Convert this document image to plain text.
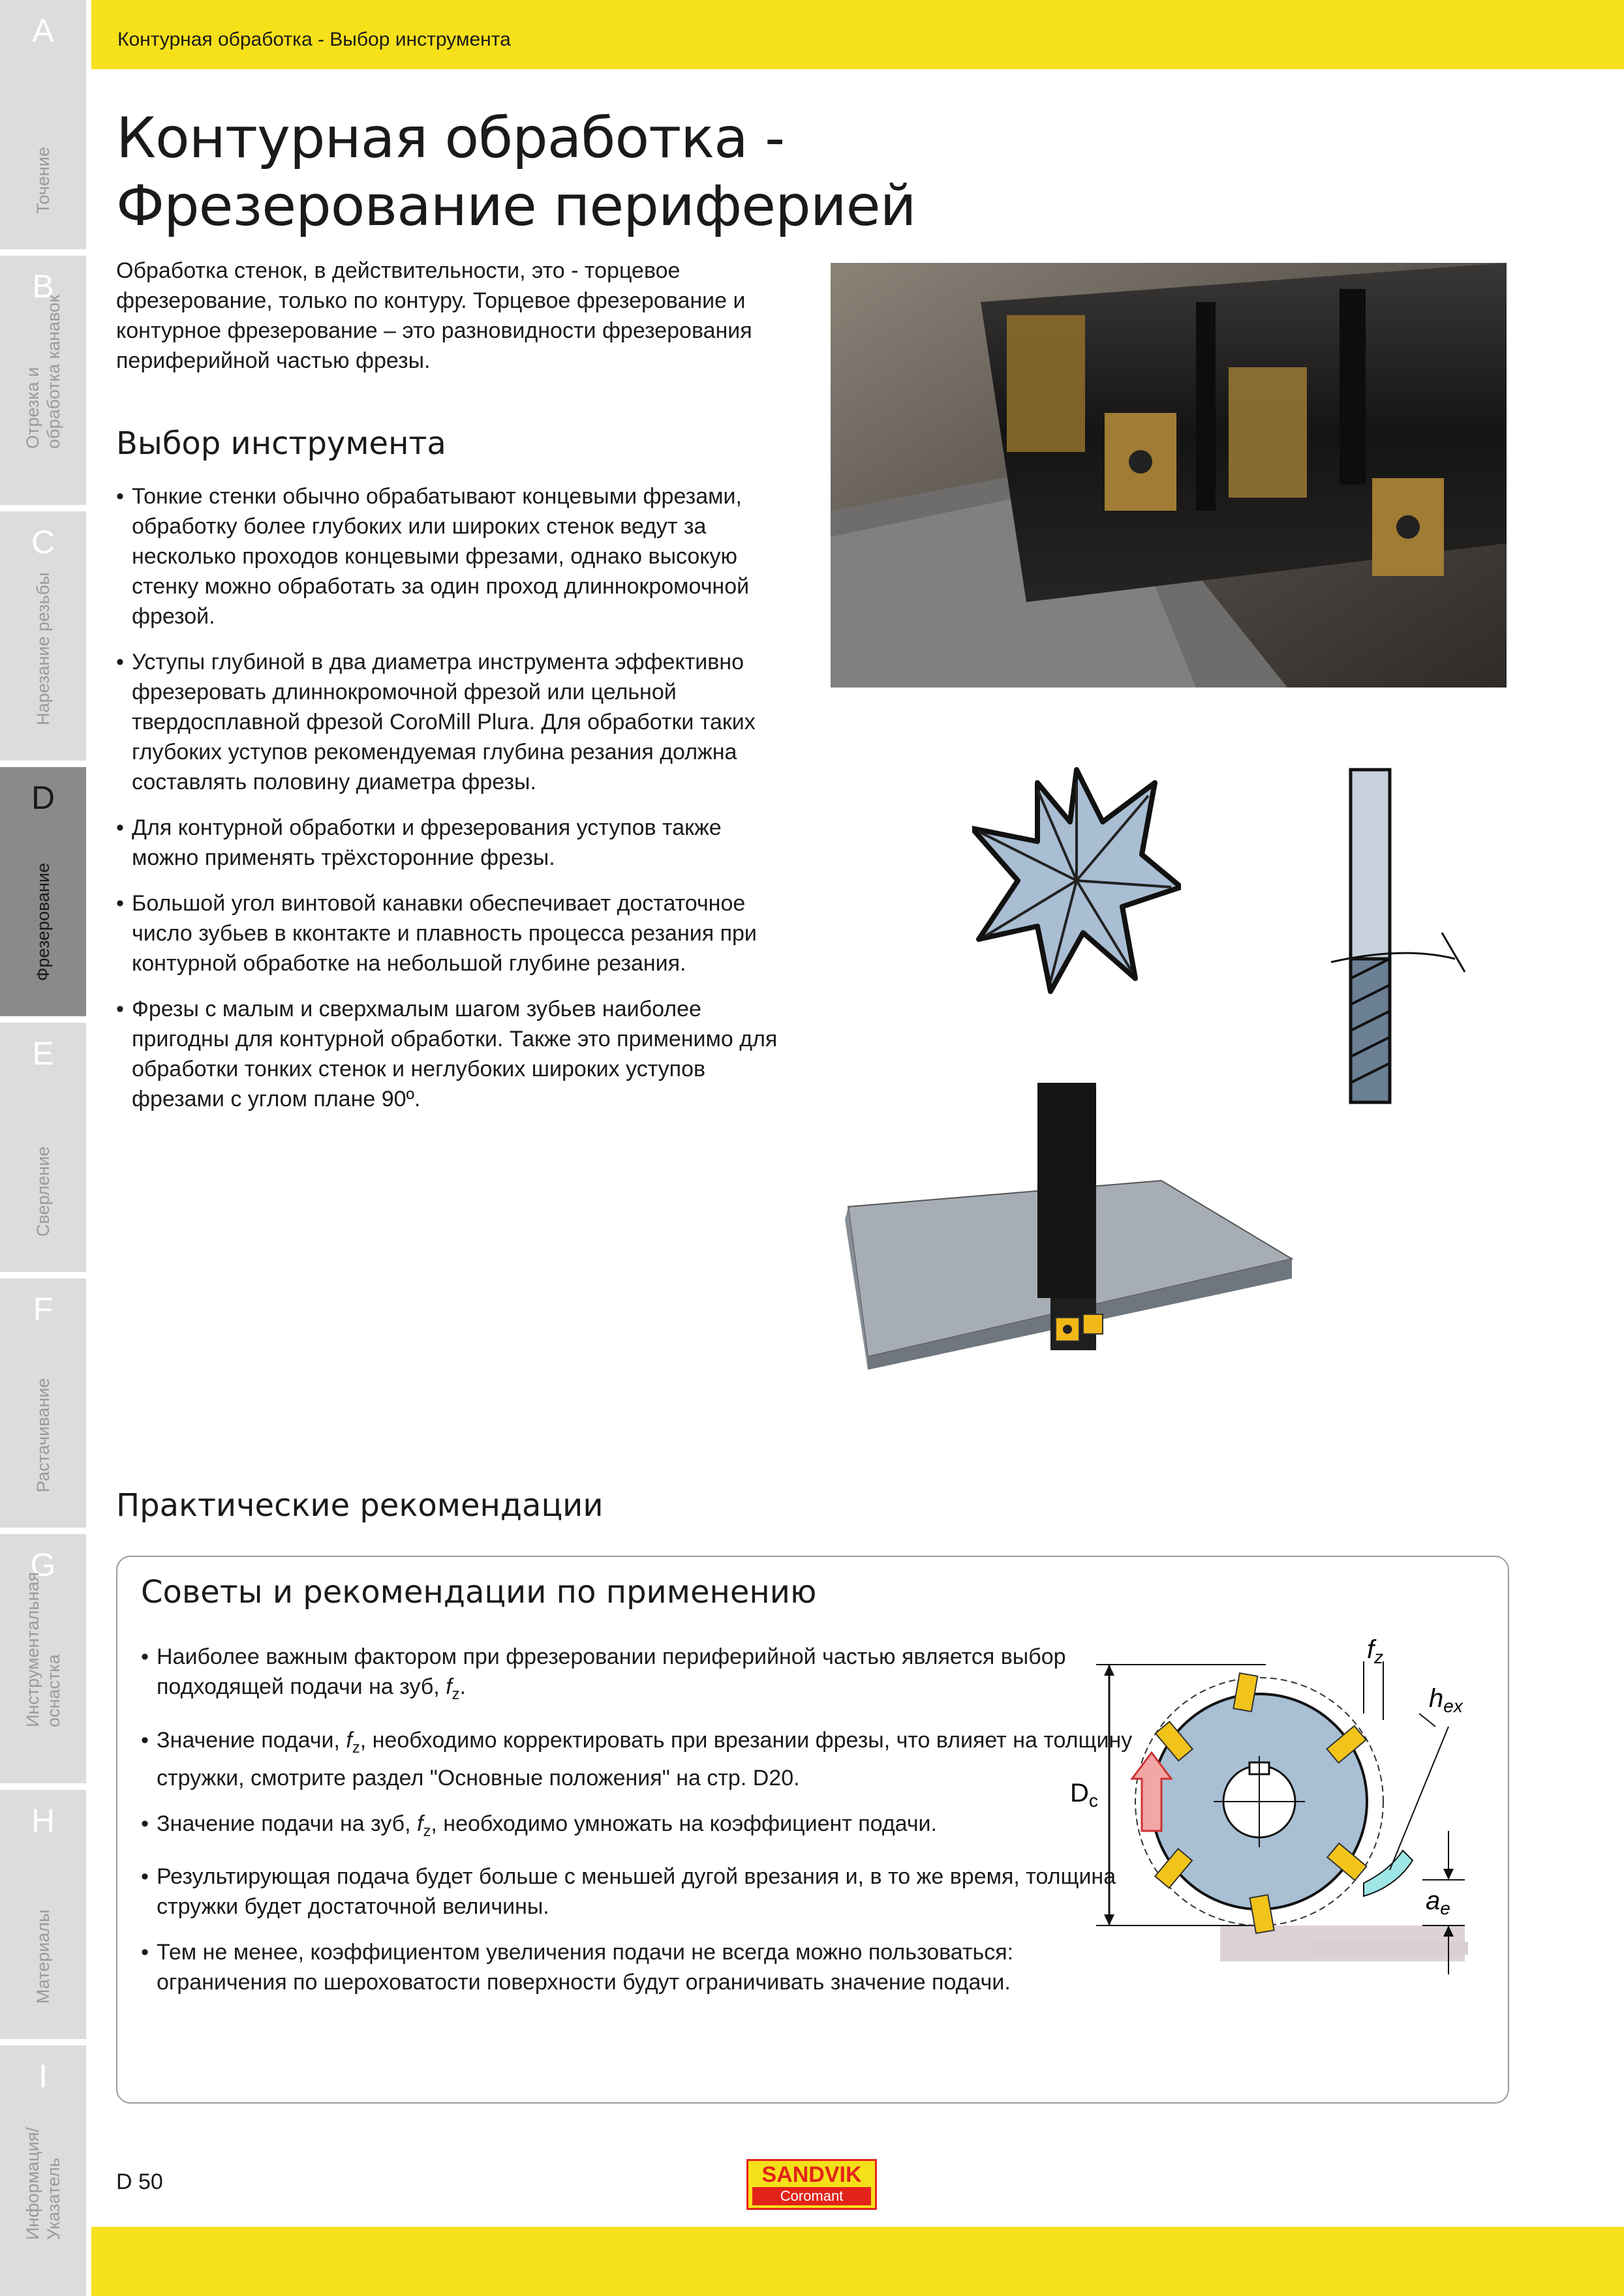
A
Точение
B
Отрезка и
обработка канавок
C
Нарезание резьбы
D
Фрезерование
E
Сверление
F
Растачивание
G
Инструментальная
оснастка
H
Материалы
I
Информация/
Указатель
Контурная обработка - Выбор инструмента
Контурная обработка -
Фрезерование периферией

Обработка стенок, в действительности, это - торцевое фрезерование, только по контуру. Торцевое фрезерование и контурное фрезерование – это разновидности фрезерования периферийной частью фрезы.

Выбор инструмента
• Тонкие стенки обычно обрабатывают концевыми фрезами, обработку более глубоких или широких стенок ведут за несколько проходов концевыми фрезами, однако высокую стенку можно обработать за один проход длиннокромочной фрезой.
• Уступы глубиной в два диаметра инструмента эффективно фрезеровать длиннокромочной фрезой или цельной твердосплавной фрезой CoroMill Plura. Для обработки таких глубоких уступов рекомендуемая глубина резания должна составлять половину диаметра фрезы.
• Для контурной обработки и фрезерования уступов также можно применять трёхсторонние фрезы.
• Большой угол винтовой канавки обеспечивает достаточное число зубьев в кконтакте и плавность процесса резания при контурной обработке на небольшой глубине резания.
• Фрезы с малым и сверхмалым шагом зубьев наиболее пригодны для контурной обработки. Также это применимо для обработки тонких стенок и неглубоких широких уступов фрезами с углом плане 90º.
Практические рекомендации
Советы и рекомендации по применению
• Наиболее важным фактором при фрезеровании периферийной частью является выбор подходящей подачи на зуб, $f_z$.
• Значение подачи, $f_z$, необходимо корректировать при врезании фрезы, что влияет на толщину стружки, смотрите раздел "Основные положения" на стр. D20.
• Значение подачи на зуб, $f_z$, необходимо умножать на коэффициент подачи.
• Результирующая подача будет больше с меньшей дугой врезания и, в то же время, толщина стружки будет достаточной величины.
• Тем не менее, коэффициентом увеличения подачи не всегда можно пользоваться: ограничения по шероховатости поверхности будут ограничивать значение подачи.
$D_c$
$f_z$
$h_{ex}$
$a_e$
D 50	SANDVIK
Coromant
